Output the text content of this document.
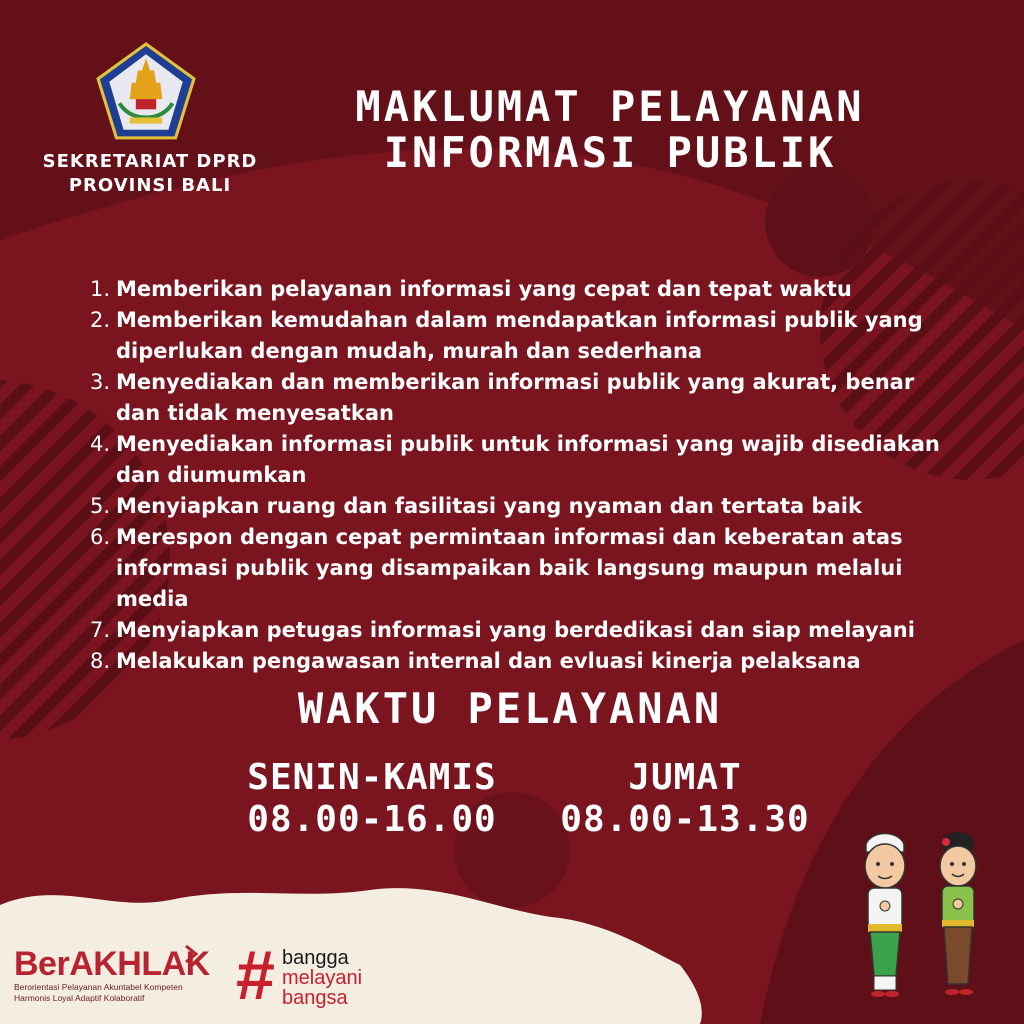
SEKRETARIAT DPRD
PROVINSI BALI
MAKLUMAT PELAYANAN
INFORMASI PUBLIK
1. Memberikan pelayanan informasi yang cepat dan tepat waktu
2. Memberikan kemudahan dalam mendapatkan informasi publik yang diperlukan dengan mudah, murah dan sederhana
3. Menyediakan dan memberikan informasi publik yang akurat, benar dan tidak menyesatkan
4. Menyediakan informasi publik untuk informasi yang wajib disediakan dan diumumkan
5. Menyiapkan ruang dan fasilitasi yang nyaman dan tertata baik
6. Merespon dengan cepat permintaan informasi dan keberatan atas informasi publik yang disampaikan baik langsung maupun melalui media
7. Menyiapkan petugas informasi yang berdedikasi dan siap melayani
8. Melakukan pengawasan internal dan evluasi kinerja pelaksana
WAKTU PELAYANAN
SENIN-KAMIS
08.00-16.00
JUMAT
08.00-13.30
BerAKHLAK
Berorientasi Pelayanan Akuntabel Kompeten
Harmonis Loyal Adaptif Kolaboratif	# bangga
melayani
bangsa
